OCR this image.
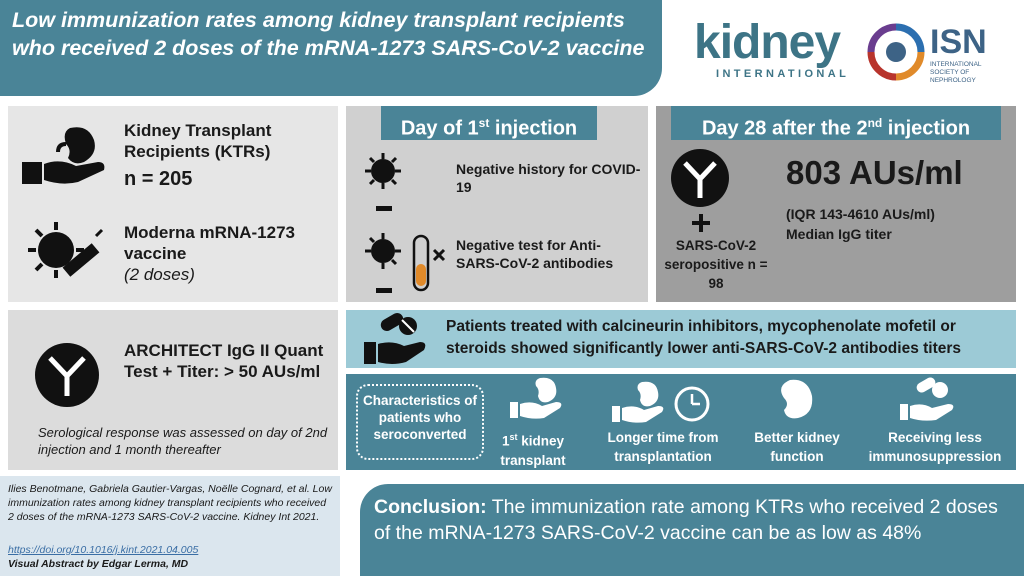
Low immunization rates among kidney transplant recipients who received 2 doses of the mRNA-1273 SARS-CoV-2 vaccine kidney
INTERNATIONAL
ISN
INTERNATIONAL SOCIETY OF NEPHROLOGY
Kidney Transplant Recipients (KTRs)
n = 205
Moderna mRNA-1273 vaccine
(2 doses)
ARCHITECT IgG II Quant Test + Titer: > 50 AUs/ml
Serological response was assessed on day of 2nd injection and 1 month thereafter
Day of 1st injection
Negative history for COVID-19
Negative test for Anti-SARS-CoV-2 antibodies
Day 28 after the 2nd injection
SARS-CoV-2 seropositive n = 98
803 AUs/ml
(IQR 143-4610 AUs/ml)
Median IgG titer
Patients treated with calcineurin inhibitors, mycophenolate mofetil or steroids showed significantly lower anti-SARS-CoV-2 antibodies titers
Characteristics of patients who seroconverted	1st kidney transplant
Longer time from transplantation
Better kidney function
Receiving less immunosuppression
Ilies Benotmane, Gabriela Gautier-Vargas, Noëlle Cognard, et al. Low immunization rates among kidney transplant recipients who received 2 doses of the mRNA-1273 SARS-CoV-2 vaccine. Kidney Int 2021.
https://doi.org/10.1016/j.kint.2021.04.005
Visual Abstract by Edgar Lerma, MD
Conclusion: The immunization rate among KTRs who received 2 doses of the mRNA-1273 SARS-CoV-2 vaccine can be as low as 48%
